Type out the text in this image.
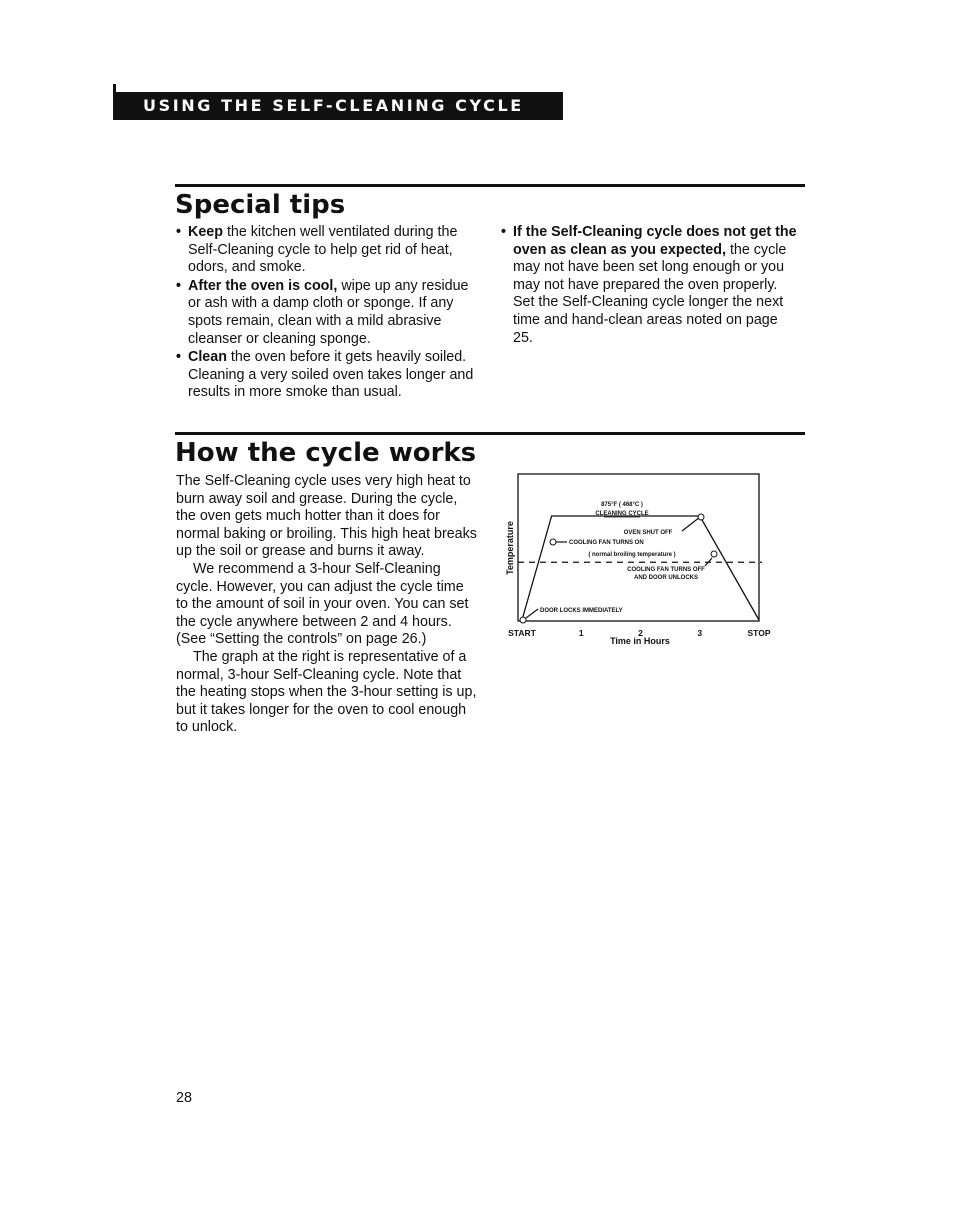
USING THE SELF-CLEANING CYCLE
Special tips
• Keep the kitchen well ventilated during the Self-Cleaning cycle to help get rid of heat, odors, and smoke.
• After the oven is cool, wipe up any residue or ash with a damp cloth or sponge. If any spots remain, clean with a mild abrasive cleanser or cleaning sponge.
• Clean the oven before it gets heavily soiled. Cleaning a very soiled oven takes longer and results in more smoke than usual.
• If the Self-Cleaning cycle does not get the oven as clean as you expected, the cycle may not have been set long enough or you may not have prepared the oven properly. Set the Self-Cleaning cycle longer the next time and hand-clean areas noted on page 25.
How the cycle works

The Self-Cleaning cycle uses very high heat to burn away soil and grease. During the cycle, the oven gets much hotter than it does for normal baking or broiling. This high heat breaks up the soil or grease and burns it away.

We recommend a 3-hour Self-Cleaning cycle. However, you can adjust the cycle time to the amount of soil in your oven. You can set the cycle anywhere between 2 and 4 hours. (See “Setting the controls” on page 26.)

The graph at the right is representative of a normal, 3-hour Self-Cleaning cycle. Note that the heating stops when the 3-hour setting is up, but it takes longer for the oven to cool enough to unlock.

Temperature
START	1	2	3	STOP
Time in Hours
875°F ( 468°C )
CLEANING CYCLE
OVEN SHUT OFF
COOLING FAN TURNS ON
( normal broiling temperature )
COOLING FAN TURNS OFF
AND DOOR UNLOCKS
DOOR LOCKS IMMEDIATELY
28
